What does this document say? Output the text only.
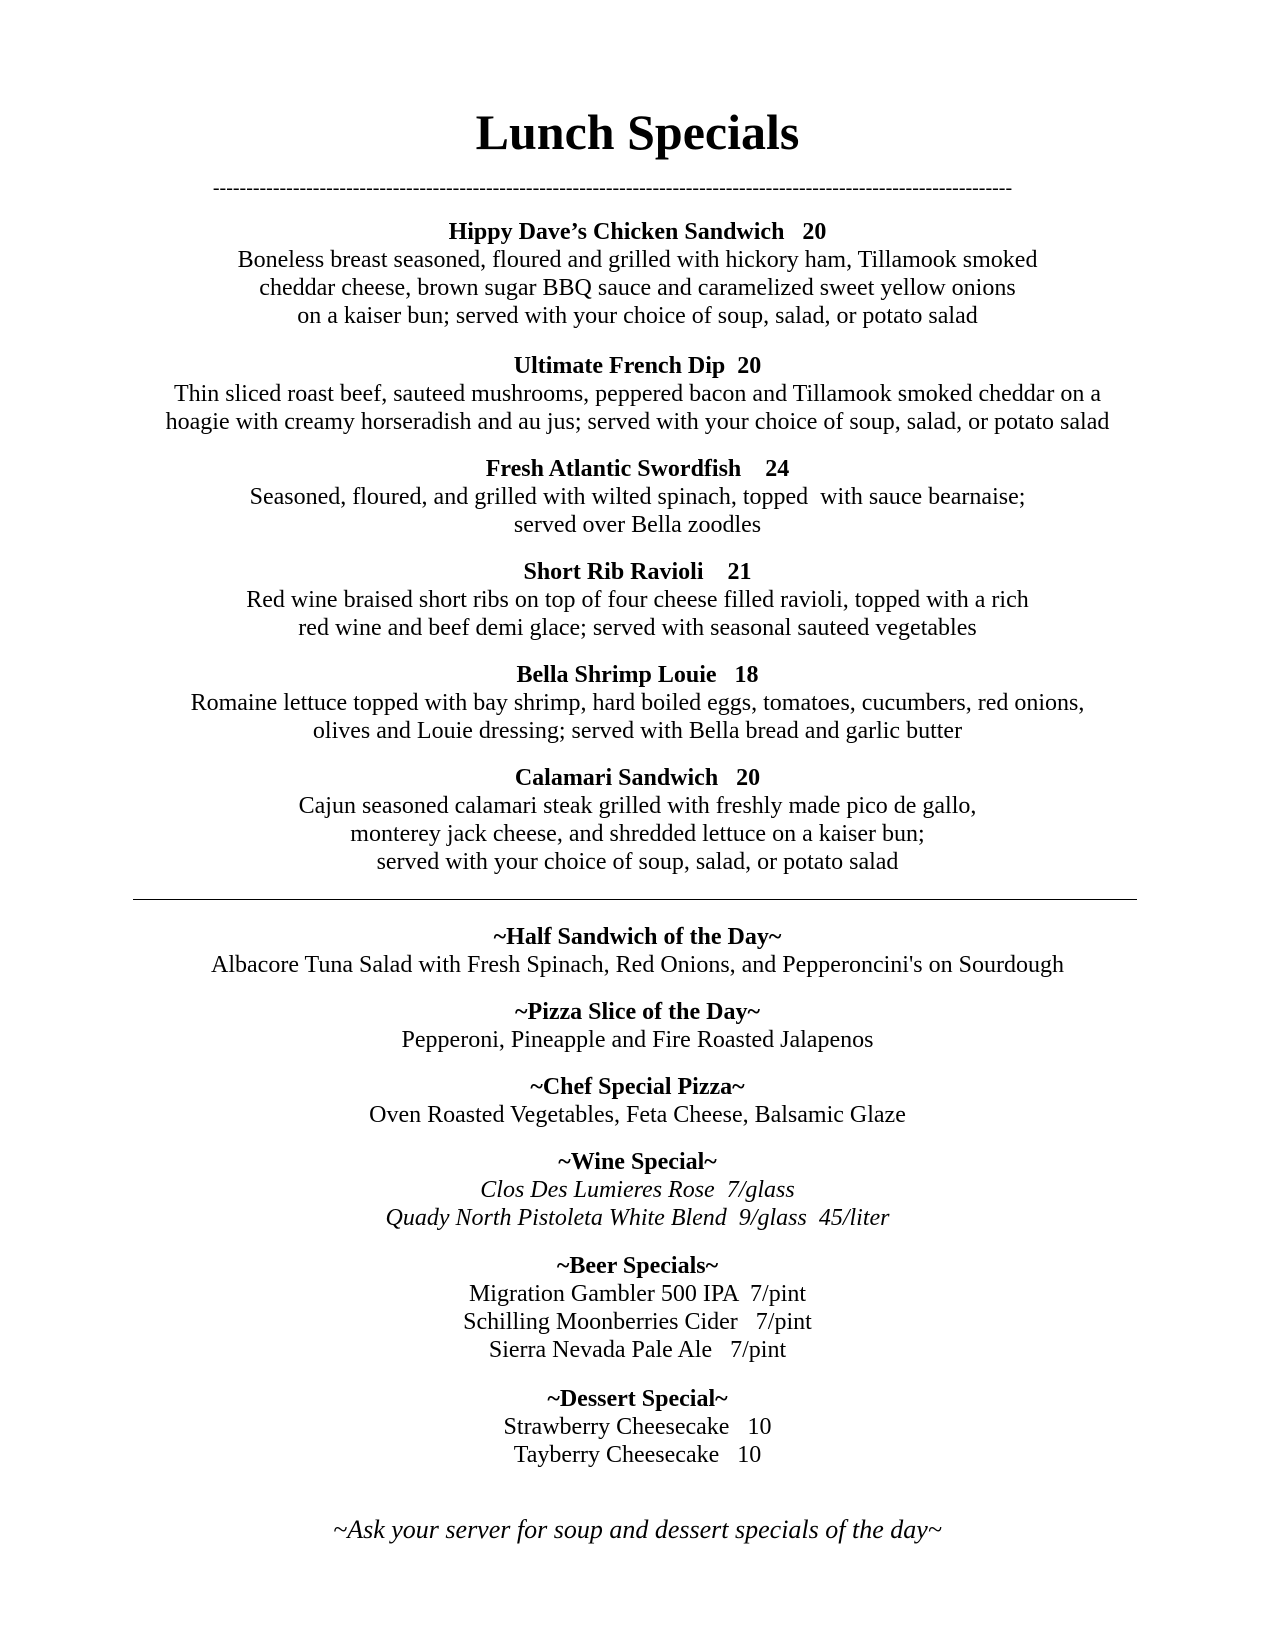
Lunch Specials
------------------------------------------------------------------------------------------------------------------------
Hippy Dave’s Chicken Sandwich   20
Boneless breast seasoned, floured and grilled with hickory ham, Tillamook smoked
cheddar cheese, brown sugar BBQ sauce and caramelized sweet yellow onions
on a kaiser bun; served with your choice of soup, salad, or potato salad
Ultimate French Dip  20
Thin sliced roast beef, sauteed mushrooms, peppered bacon and Tillamook smoked cheddar on a
hoagie with creamy horseradish and au jus; served with your choice of soup, salad, or potato salad
Fresh Atlantic Swordfish    24
Seasoned, floured, and grilled with wilted spinach, topped  with sauce bearnaise;
served over Bella zoodles
Short Rib Ravioli    21
Red wine braised short ribs on top of four cheese filled ravioli, topped with a rich
red wine and beef demi glace; served with seasonal sauteed vegetables
Bella Shrimp Louie   18
Romaine lettuce topped with bay shrimp, hard boiled eggs, tomatoes, cucumbers, red onions,
olives and Louie dressing; served with Bella bread and garlic butter
Calamari Sandwich   20
Cajun seasoned calamari steak grilled with freshly made pico de gallo,
monterey jack cheese, and shredded lettuce on a kaiser bun;
served with your choice of soup, salad, or potato salad
~Half Sandwich of the Day~
Albacore Tuna Salad with Fresh Spinach, Red Onions, and Pepperoncini's on Sourdough
~Pizza Slice of the Day~
Pepperoni, Pineapple and Fire Roasted Jalapenos
~Chef Special Pizza~
Oven Roasted Vegetables, Feta Cheese, Balsamic Glaze
~Wine Special~
Clos Des Lumieres Rose  7/glass
Quady North Pistoleta White Blend  9/glass  45/liter
~Beer Specials~
Migration Gambler 500 IPA  7/pint
Schilling Moonberries Cider   7/pint
Sierra Nevada Pale Ale   7/pint
~Dessert Special~
Strawberry Cheesecake   10
Tayberry Cheesecake   10
~Ask your server for soup and dessert specials of the day~
